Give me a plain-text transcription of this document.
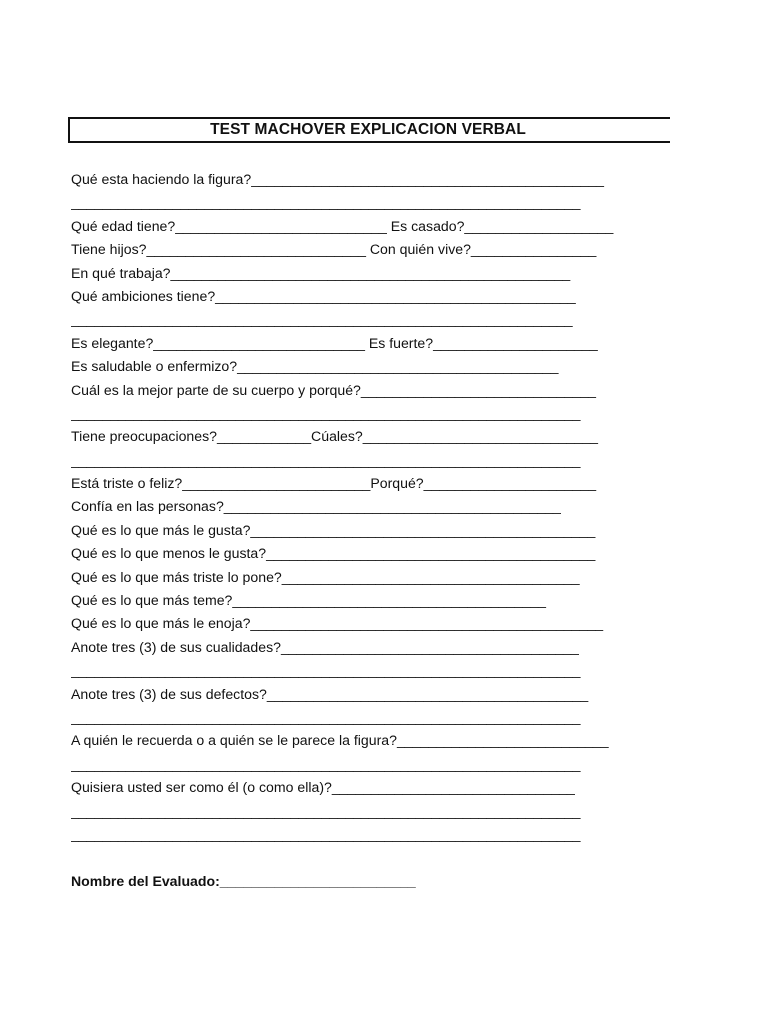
TEST MACHOVER EXPLICACION VERBAL
Qué esta haciendo la figura?_____________________________________________
_________________________________________________________________
Qué edad tiene?___________________________ Es casado?___________________
Tiene hijos?____________________________ Con quién vive?________________
En qué trabaja?___________________________________________________
Qué ambiciones tiene?______________________________________________
________________________________________________________________
Es elegante?___________________________ Es fuerte?_____________________
Es saludable o enfermizo?_________________________________________
Cuál es la mejor parte de su cuerpo y porqué?______________________________
_________________________________________________________________
Tiene preocupaciones?____________Cúales?______________________________
_________________________________________________________________
Está triste o feliz?________________________Porqué?______________________
Confía en las personas?___________________________________________
Qué es lo que más le gusta?____________________________________________
Qué es lo que menos le gusta?__________________________________________
Qué es lo que más triste lo pone?______________________________________
Qué es lo que más teme?________________________________________
Qué es lo que más le enoja?_____________________________________________
Anote tres (3) de sus cualidades?______________________________________
_________________________________________________________________
Anote tres (3) de sus defectos?_________________________________________
_________________________________________________________________
A quién le recuerda o a quién se le parece la figura?___________________________
_________________________________________________________________
Quisiera usted ser como él (o como ella)?_______________________________
_________________________________________________________________
_________________________________________________________________
Nombre del Evaluado:_________________________
